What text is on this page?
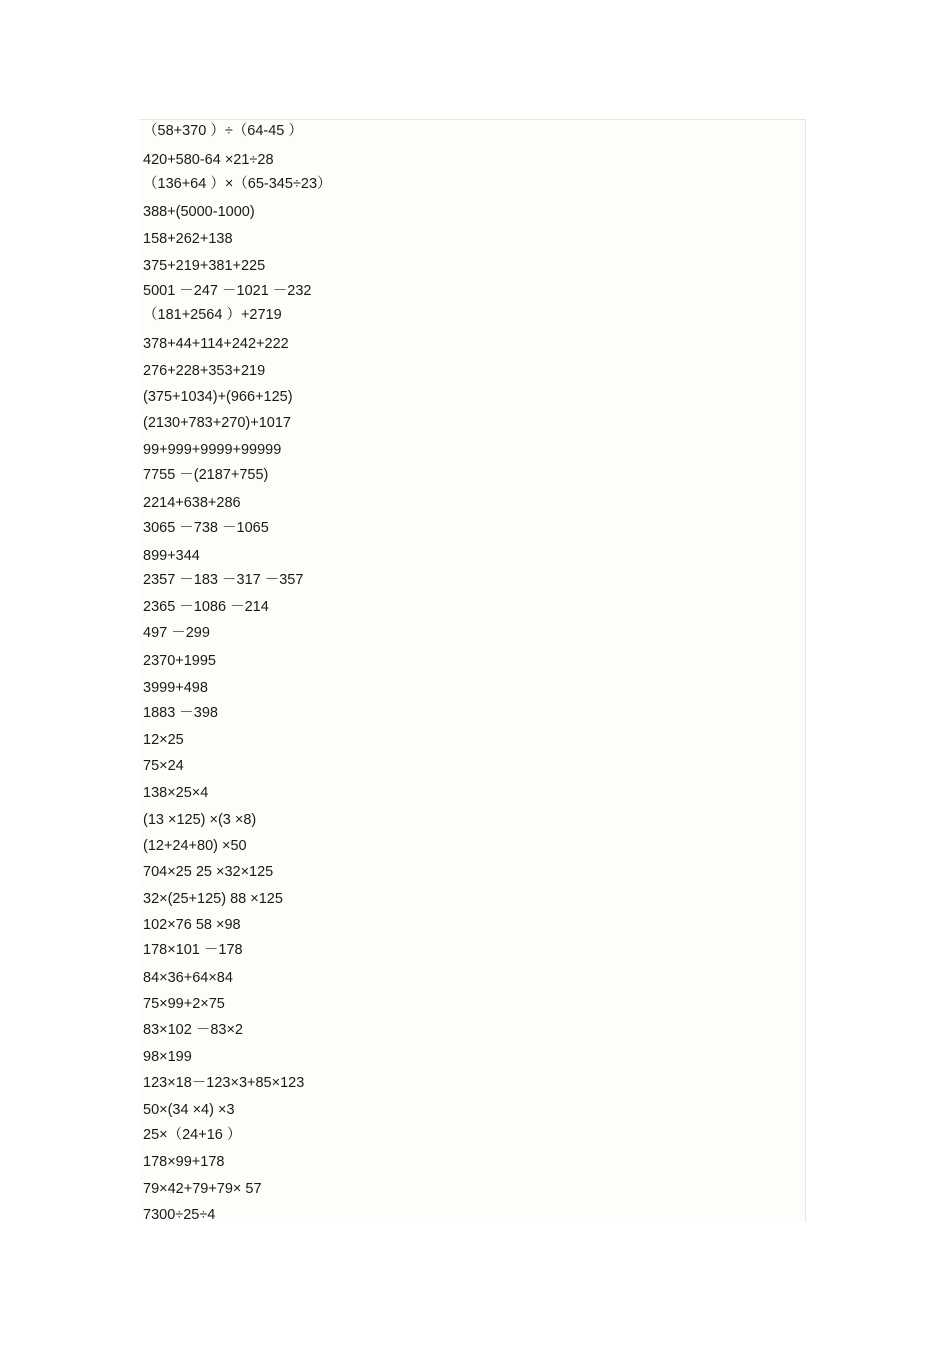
（58+370 ）÷（64-45 ）
420+580-64 ×21÷28
（136+64 ）×（65-345÷23）
388+(5000-1000)
158+262+138
375+219+381+225
5001 －247 －1021 －232
（181+2564 ）+2719
378+44+114+242+222
276+228+353+219
(375+1034)+(966+125)
(2130+783+270)+1017
99+999+9999+99999
7755 －(2187+755)
2214+638+286
3065 －738 －1065
899+344
2357 －183 －317 －357
2365 －1086 －214
497 －299
2370+1995
3999+498
1883 －398
12×25
75×24
138×25×4
(13 ×125) ×(3 ×8)
(12+24+80) ×50
704×25 25 ×32×125
32×(25+125) 88 ×125
102×76 58 ×98
178×101 －178
84×36+64×84
75×99+2×75
83×102 －83×2
98×199
123×18－123×3+85×123
50×(34 ×4) ×3
25×（24+16 ）
178×99+178
79×42+79+79× 57
7300÷25÷4
